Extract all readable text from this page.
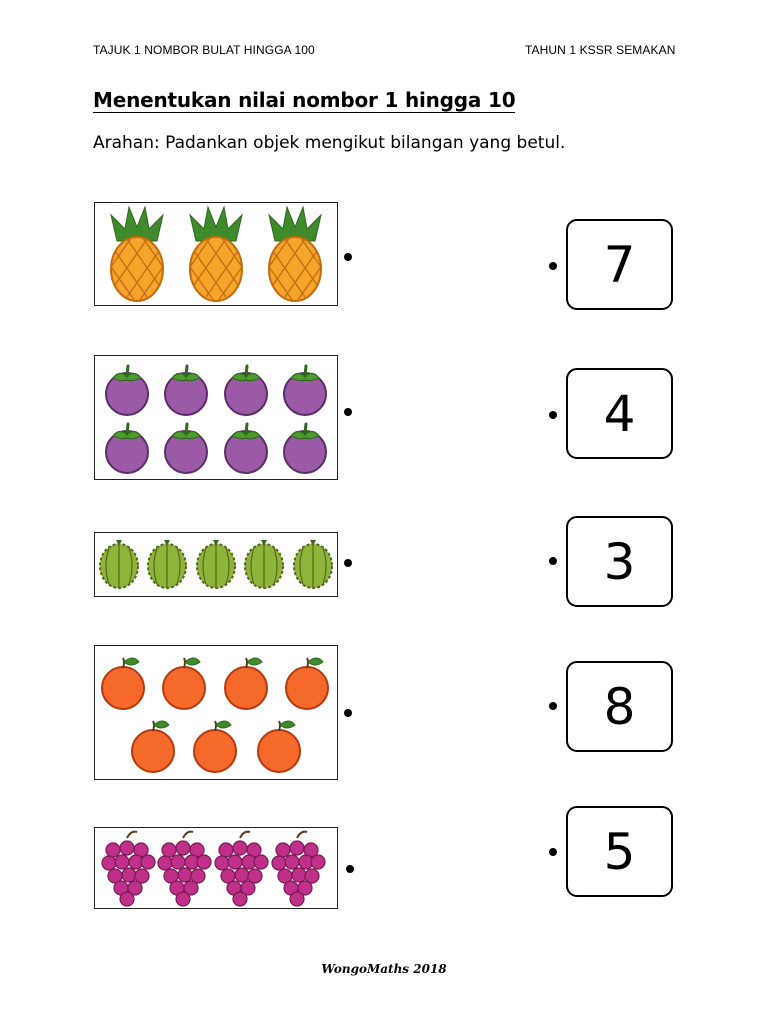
TAJUK 1 NOMBOR BULAT HINGGA 100	TAHUN 1 KSSR SEMAKAN
Menentukan nilai nombor 1 hingga 10
Arahan: Padankan objek mengikut bilangan yang betul.
7
4
3
8
5
WongoMaths 2018
